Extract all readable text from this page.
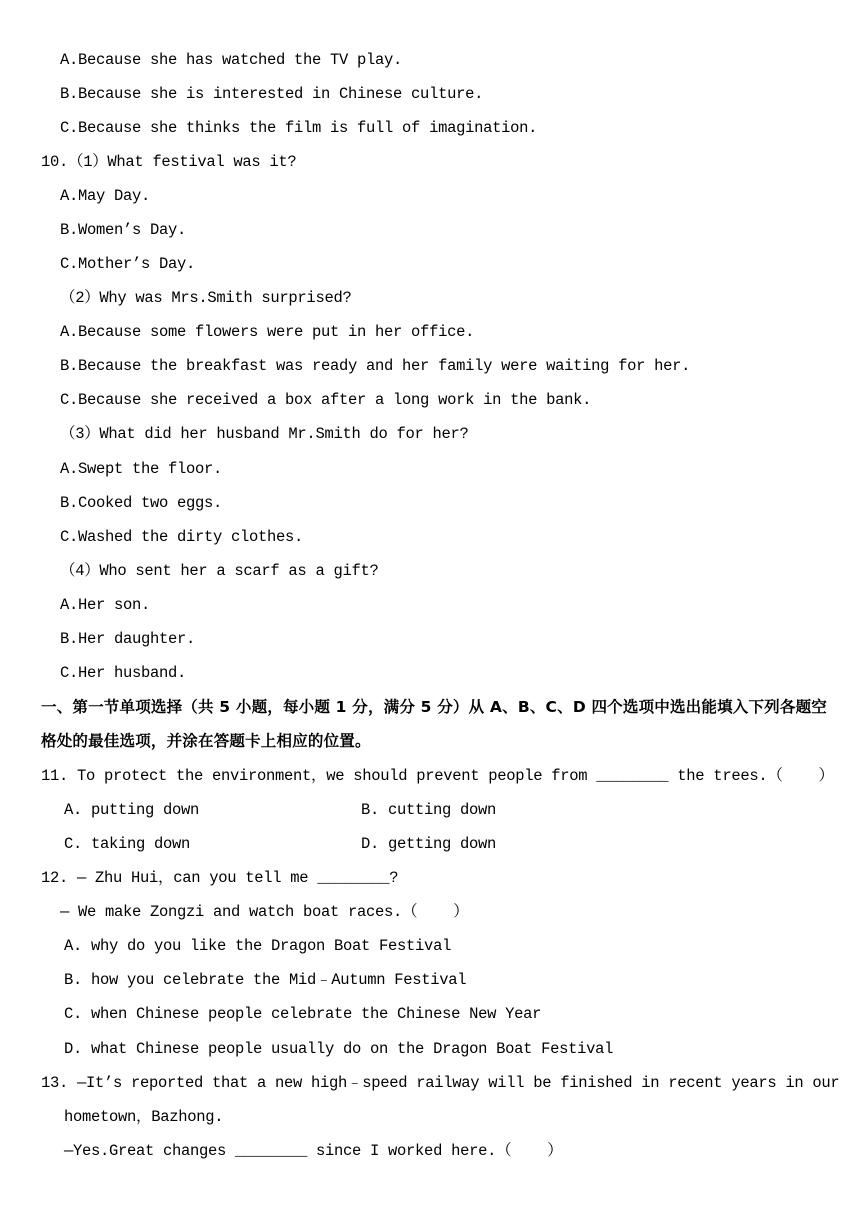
A.Because she has watched the TV play.
B.Because she is interested in Chinese culture.
C.Because she thinks the film is full of imagination.
10.（1）What festival was it?
A.May Day.
B.Women’s Day.
C.Mother’s Day.
（2）Why was Mrs.Smith surprised?
A.Because some flowers were put in her office.
B.Because the breakfast was ready and her family were waiting for her.
C.Because she received a box after a long work in the bank.
（3）What did her husband Mr.Smith do for her?
A.Swept the floor.
B.Cooked two eggs.
C.Washed the dirty clothes.
（4）Who sent her a scarf as a gift?
A.Her son.
B.Her daughter.
C.Her husband.
一、第一节单项选择（共 5 小题，每小题 1 分，满分 5 分）从 A、B、C、D 四个选项中选出能填入下列各题空格处的最佳选项，并涂在答题卡上相应的位置。
11. To protect the environment，we should prevent people from ________ the trees.（    ）
A. putting down	B. cutting down
C. taking down	D. getting down
12. — Zhu Hui，can you tell me ________?
— We make Zongzi and watch boat races.（    ）
A. why do you like the Dragon Boat Festival
B. how you celebrate the Mid﹣Autumn Festival
C. when Chinese people celebrate the Chinese New Year
D. what Chinese people usually do on the Dragon Boat Festival
13. —It’s reported that a new high﹣speed railway will be finished in recent years in our
hometown，Bazhong.
—Yes.Great changes ________ since I worked here.（    ）
